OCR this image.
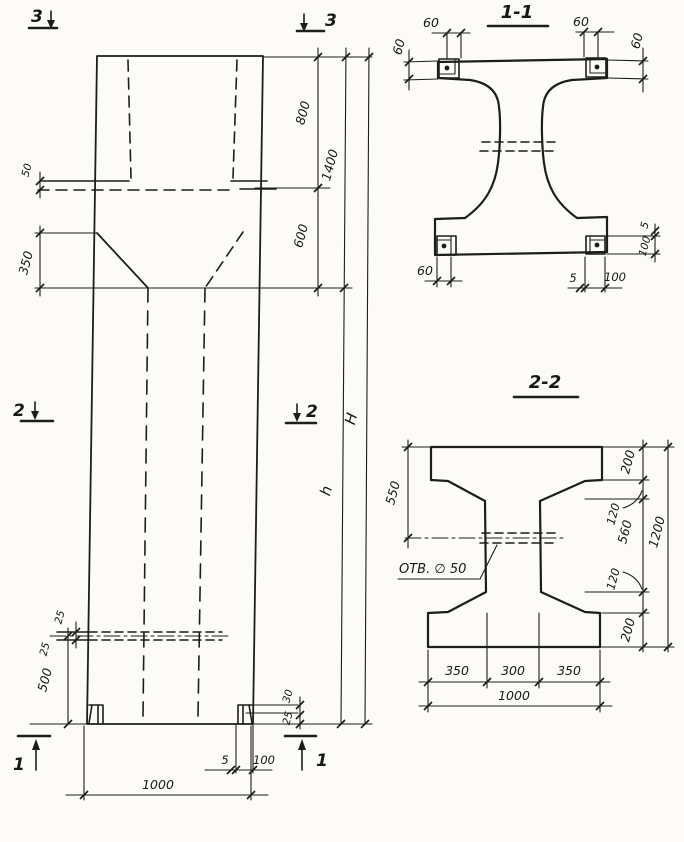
50
350
800
1400
600
h
H
500
25
25
30
25
5 100
1000
3	3
2	2
1	1
1-1
60
60
60
60
60	5 100
5
100
2-2
ОТВ. ∅ 50
550
200
120
560
120
200
1200
350	300	350
1000
